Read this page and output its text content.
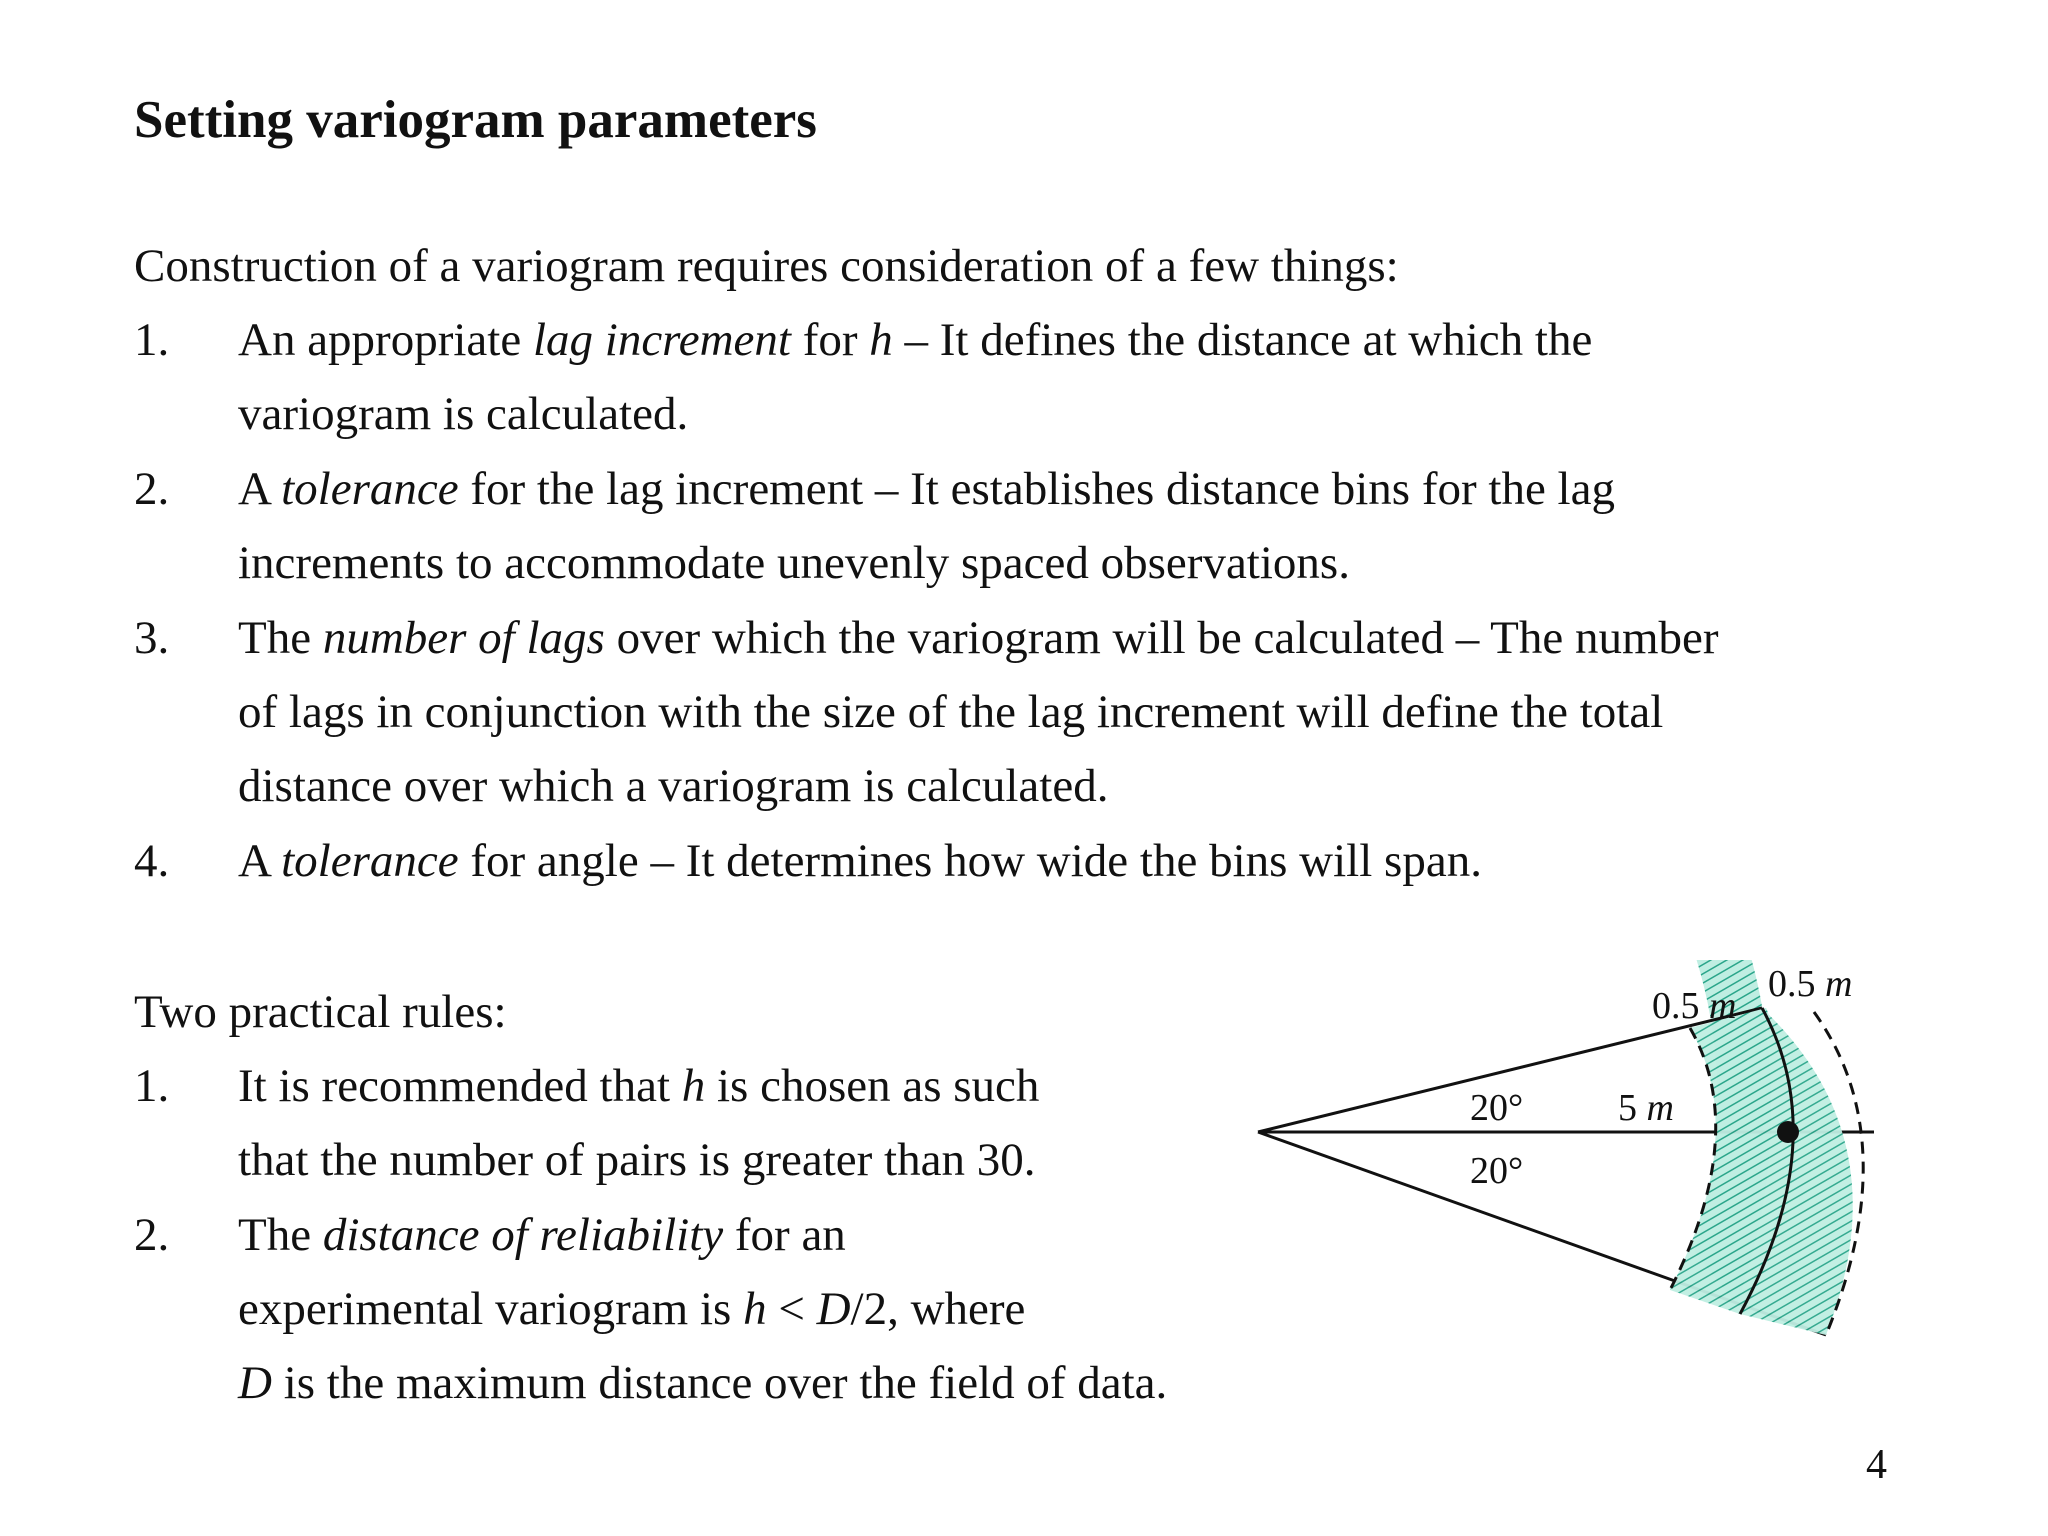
Setting variogram parameters
Construction of a variogram requires consideration of a few things:
1. An appropriate lag increment for h – It defines the distance at which the
variogram is calculated.
2. A tolerance for the lag increment – It establishes distance bins for the lag
increments to accommodate unevenly spaced observations.
3. The number of lags over which the variogram will be calculated – The number
of lags in conjunction with the size of the lag increment will define the total
distance over which a variogram is calculated.
4. A tolerance for angle – It determines how wide the bins will span.
Two practical rules:
1. It is recommended that h is chosen as such
that the number of pairs is greater than 30.
2. The distance of reliability for an
experimental variogram is h < D/2, where
D is the maximum distance over the field of data.
20°
20°
5 m
0.5 m
0.5 m
4
